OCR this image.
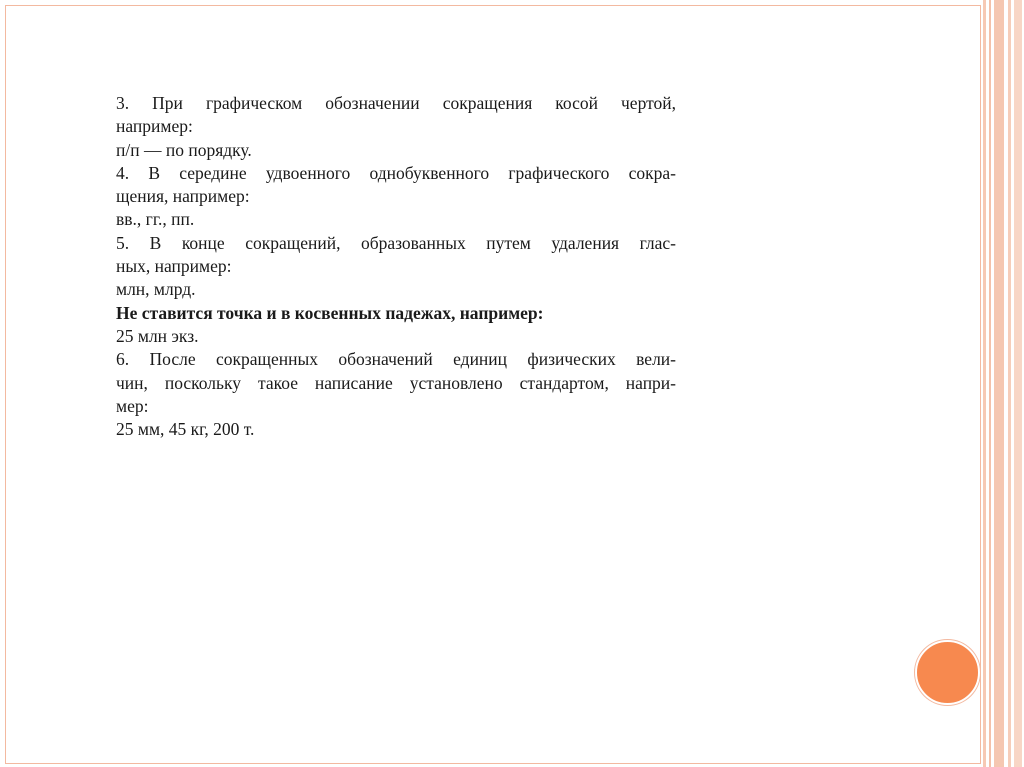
3. При графическом обозначении сокращения косой чертой,
например:
п/п — по порядку.
4. В середине удвоенного однобуквенного графического сокра-
щения, например:
вв., гг., пп.
5. В конце сокращений, образованных путем удаления глас-
ных, например:
млн, млрд.
Не ставится точка и в косвенных падежах, например:
25 млн экз.
6. После сокращенных обозначений единиц физических вели-
чин, поскольку такое написание установлено стандартом, напри-
мер:
25 мм, 45 кг, 200 т.
